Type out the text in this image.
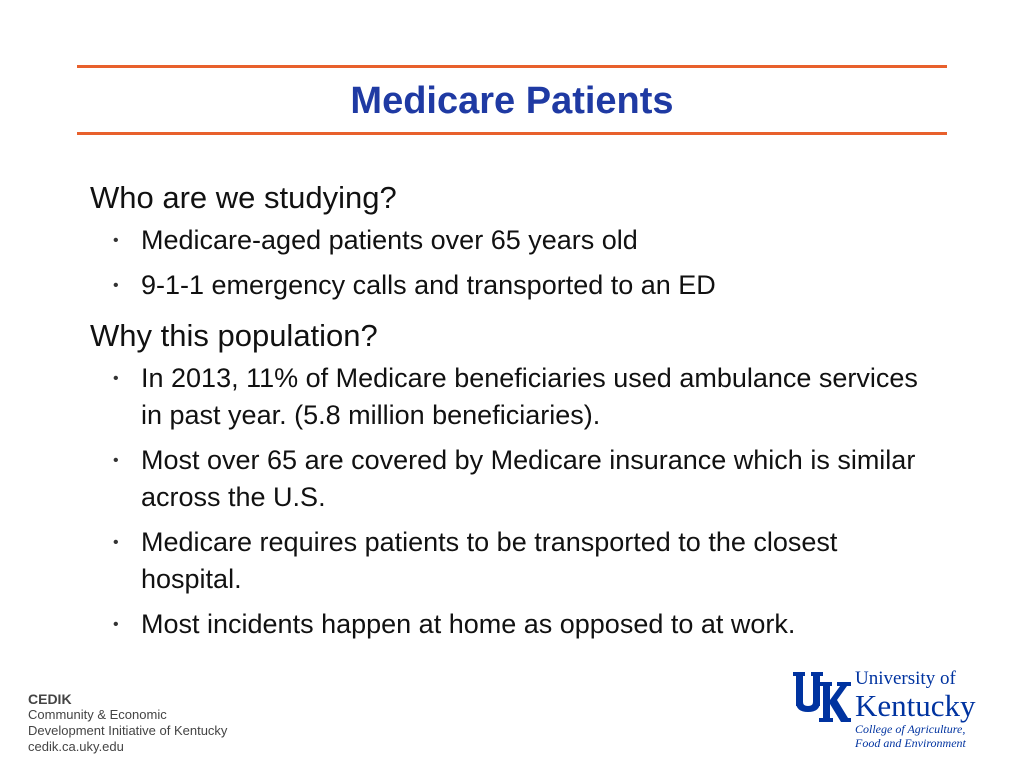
Medicare Patients

Who are we studying?

• Medicare-aged patients over 65 years old
• 9-1-1 emergency calls and transported to an ED

Why this population?

• In 2013, 11% of Medicare beneficiaries used ambulance services in past year. (5.8 million beneficiaries).
• Most over 65 are covered by Medicare insurance which is similar across the U.S.
• Medicare requires patients to be transported to the closest hospital.
• Most incidents happen at home as opposed to at work.
CEDIK
Community & Economic
Development Initiative of Kentucky
cedik.ca.uky.edu
University of
Kentucky
College of Agriculture,
Food and Environment
